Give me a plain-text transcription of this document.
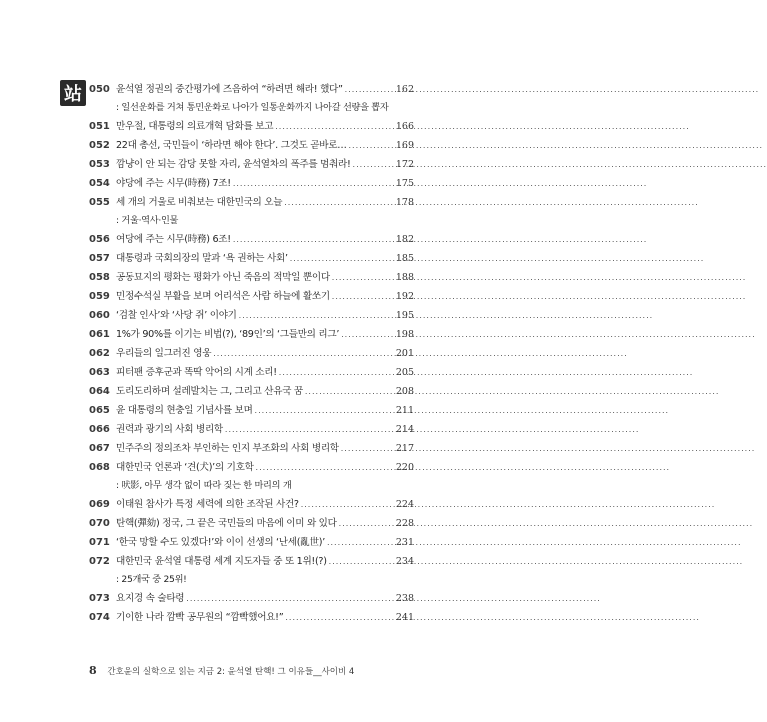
站 050 윤석열 정권의 중간평가에 즈음하여 “하려면 해라! 했다” .....	162
: 일선운화를 거쳐 통민운화로 나아가 일통운화까지 나아갈 선량을 뽑자
051 만우절, 대통령의 의료개혁 담화를 보고 .....	166
052 22대 총선, 국민들이 ‘하라면 해야 한다’. 그것도 곧바로… .....	169
053 깜냥이 안 되는 감당 못할 자리, 윤석열차의 폭주를 멈춰라! .....	172
054 야당에 주는 시무(時務) 7조! .....	175
055 세 개의 거울로 비춰보는 대한민국의 오늘 .....	178
: 거울·역사·인물
056 여당에 주는 시무(時務) 6조! .....	182
057 대통령과 국회의장의 말과 ‘욕 권하는 사회’ .....	185
058 공동묘지의 평화는 평화가 아닌 죽음의 적막일 뿐이다 .....	188
059 민정수석실 부활을 보며 어리석은 사람 하늘에 활쏘기 .....	192
060 ‘검찰 인사’와 ‘사당 쥐’ 이야기 .....	195
061 1%가 90%를 이기는 비법(?), ‘89인’의 ‘그들만의 리그’ .....	198
062 우리들의 일그러진 영웅 .....	201
063 피터팬 증후군과 똑딱 악어의 시계 소리! .....	205
064 도리도리하며 설레발치는 그, 그리고 산유국 꿈 .....	208
065 윤 대통령의 현충일 기념사를 보며 .....	211
066 권력과 광기의 사회 병리학 .....	214
067 민주주의 정의조차 부인하는 인지 부조화의 사회 병리학 .....	217
068 대한민국 언론과 ‘견(犬)’의 기호학 .....	220
: 吠影, 아무 생각 없이 따라 짖는 한 마리의 개
069 이태원 참사가 특정 세력에 의한 조작된 사건? .....	224
070 탄핵(彈劾) 정국, 그 끝은 국민들의 마음에 이미 와 있다 .....	228
071 ‘한국 망할 수도 있겠다!’와 이이 선생의 ‘난세(亂世)’ .....	231
072 대한민국 윤석열 대통령 세계 지도자들 중 또 1위!(?) .....	234
: 25개국 중 25위!
073 요지경 속 술타령 .....	238
074 기이한 나라 깜빡 공무원의 “깜빡했어요!” .....	241
8 간호윤의 실학으로 읽는 지금 2: 윤석열 탄핵! 그 이유들__사이비 4
